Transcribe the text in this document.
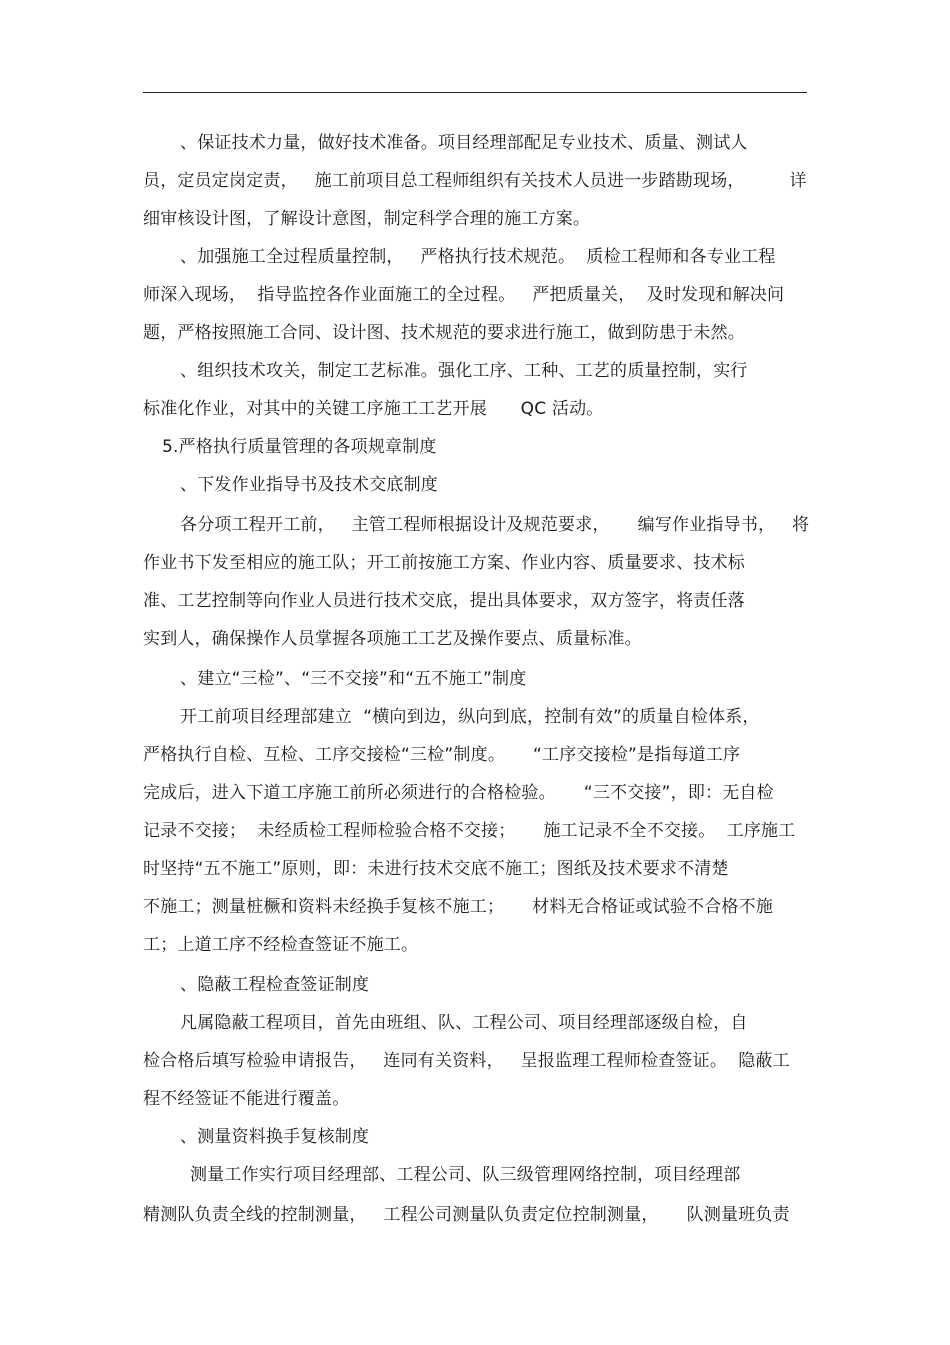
、保证技术力量，做好技术准备。项目经理部配足专业技术、质量、测试人
员，定员定岗定责，   施工前项目总工程师组织有关技术人员进一步踏勘现场，        详
细审核设计图，了解设计意图，制定科学合理的施工方案。
、加强施工全过程质量控制，   严格执行技术规范。  质检工程师和各专业工程
师深入现场，  指导监控各作业面施工的全过程。   严把质量关，  及时发现和解决问
题，严格按照施工合同、设计图、技术规范的要求进行施工，做到防患于未然。
、组织技术攻关，制定工艺标准。强化工序、工种、工艺的质量控制，实行
标准化作业，对其中的关键工序施工工艺开展      QC 活动。
5.严格执行质量管理的各项规章制度
、下发作业指导书及技术交底制度
各分项工程开工前，   主管工程师根据设计及规范要求，     编写作业指导书，   将
作业书下发至相应的施工队；开工前按施工方案、作业内容、质量要求、技术标
准、工艺控制等向作业人员进行技术交底，提出具体要求，双方签字，将责任落
实到人，确保操作人员掌握各项施工工艺及操作要点、质量标准。
、建立“三检”、“三不交接”和“五不施工”制度
开工前项目经理部建立  “横向到边，纵向到底，控制有效”的质量自检体系，
严格执行自检、互检、工序交接检“三检”制度。     “工序交接检”是指每道工序
完成后，进入下道工序施工前所必须进行的合格检验。     “三不交接”，即：无自检
记录不交接；  未经质检工程师检验合格不交接；     施工记录不全不交接。  工序施工
时坚持“五不施工”原则，即：未进行技术交底不施工；图纸及技术要求不清楚
不施工；测量桩橛和资料未经换手复核不施工；     材料无合格证或试验不合格不施
工；上道工序不经检查签证不施工。
、隐蔽工程检查签证制度
凡属隐蔽工程项目，首先由班组、队、工程公司、项目经理部逐级自检，自
检合格后填写检验申请报告，   连同有关资料，   呈报监理工程师检查签证。  隐蔽工
程不经签证不能进行覆盖。
、测量资料换手复核制度
测量工作实行项目经理部、工程公司、队三级管理网络控制，项目经理部
精测队负责全线的控制测量，   工程公司测量队负责定位控制测量，     队测量班负责
